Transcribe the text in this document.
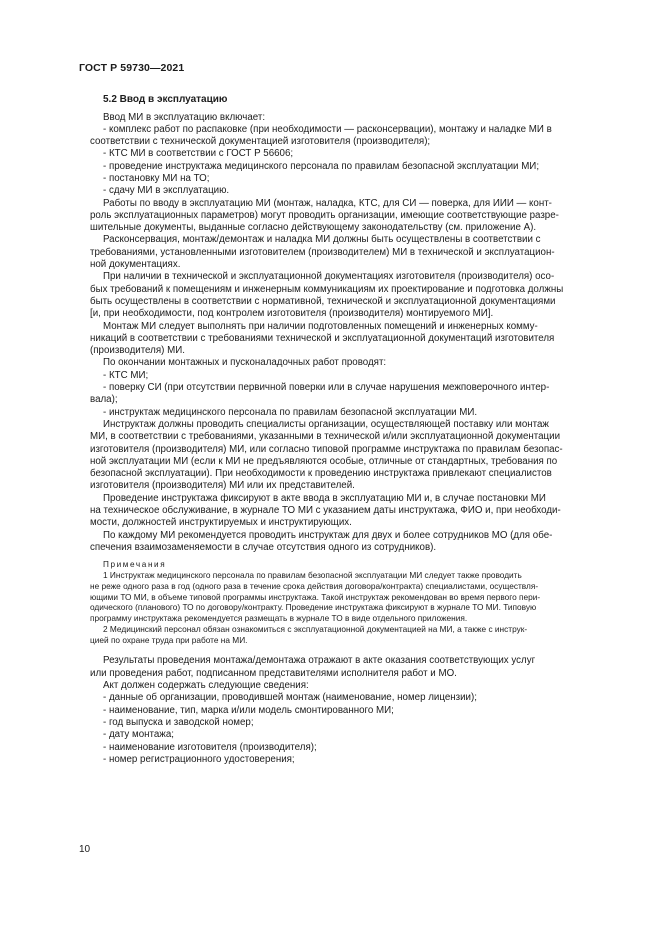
ГОСТ Р 59730—2021
5.2 Ввод в эксплуатацию

Ввод МИ в эксплуатацию включает:

- комплекс работ по распаковке (при необходимости — расконсервации), монтажу и наладке МИ в
соответствии с технической документацией изготовителя (производителя);

- КТС МИ в соответствии с ГОСТ Р 56606;

- проведение инструктажа медицинского персонала по правилам безопасной эксплуатации МИ;

- постановку МИ на ТО;

- сдачу МИ в эксплуатацию.

Работы по вводу в эксплуатацию МИ (монтаж, наладка, КТС, для СИ — поверка, для ИИИ — конт-
роль эксплуатационных параметров) могут проводить организации, имеющие соответствующие разре-
шительные документы, выданные согласно действующему законодательству (см. приложение А).

Расконсервация, монтаж/демонтаж и наладка МИ должны быть осуществлены в соответствии с
требованиями, установленными изготовителем (производителем) МИ в технической и эксплуатацион-
ной документациях.

При наличии в технической и эксплуатационной документациях изготовителя (производителя) осо-
бых требований к помещениям и инженерным коммуникациям их проектирование и подготовка должны
быть осуществлены в соответствии с нормативной, технической и эксплуатационной документациями
[и, при необходимости, под контролем изготовителя (производителя) монтируемого МИ].

Монтаж МИ следует выполнять при наличии подготовленных помещений и инженерных комму-
никаций в соответствии с требованиями технической и эксплуатационной документаций изготовителя
(производителя) МИ.

По окончании монтажных и пусконаладочных работ проводят:

- КТС МИ;

- поверку СИ (при отсутствии первичной поверки или в случае нарушения межповерочного интер-
вала);

- инструктаж медицинского персонала по правилам безопасной эксплуатации МИ.

Инструктаж должны проводить специалисты организации, осуществляющей поставку или монтаж
МИ, в соответствии с требованиями, указанными в технической и/или эксплуатационной документации
изготовителя (производителя) МИ, или согласно типовой программе инструктажа по правилам безопас-
ной эксплуатации МИ (если к МИ не предъявляются особые, отличные от стандартных, требования по
безопасной эксплуатации). При необходимости к проведению инструктажа привлекают специалистов
изготовителя (производителя) МИ или их представителей.

Проведение инструктажа фиксируют в акте ввода в эксплуатацию МИ и, в случае постановки МИ
на техническое обслуживание, в журнале ТО МИ с указанием даты инструктажа, ФИО и, при необходи-
мости, должностей инструктируемых и инструктирующих.

По каждому МИ рекомендуется проводить инструктаж для двух и более сотрудников МО (для обе-
спечения взаимозаменяемости в случае отсутствия одного из сотрудников).

Примечания
1 Инструктаж медицинского персонала по правилам безопасной эксплуатации МИ следует также проводить
не реже одного раза в год (одного раза в течение срока действия договора/контракта) специалистами, осуществля-
ющими ТО МИ, в объеме типовой программы инструктажа. Такой инструктаж рекомендован во время первого пери-
одического (планового) ТО по договору/контракту. Проведение инструктажа фиксируют в журнале ТО МИ. Типовую
программу инструктажа рекомендуется размещать в журнале ТО в виде отдельного приложения.
2 Медицинский персонал обязан ознакомиться с эксплуатационной документацией на МИ, а также с инструк-
цией по охране труда при работе на МИ.

Результаты проведения монтажа/демонтажа отражают в акте оказания соответствующих услуг
или проведения работ, подписанном представителями исполнителя работ и МО.

Акт должен содержать следующие сведения:

- данные об организации, проводившей монтаж (наименование, номер лицензии);

- наименование, тип, марка и/или модель смонтированного МИ;

- год выпуска и заводской номер;

- дату монтажа;

- наименование изготовителя (производителя);

- номер регистрационного удостоверения;

10
